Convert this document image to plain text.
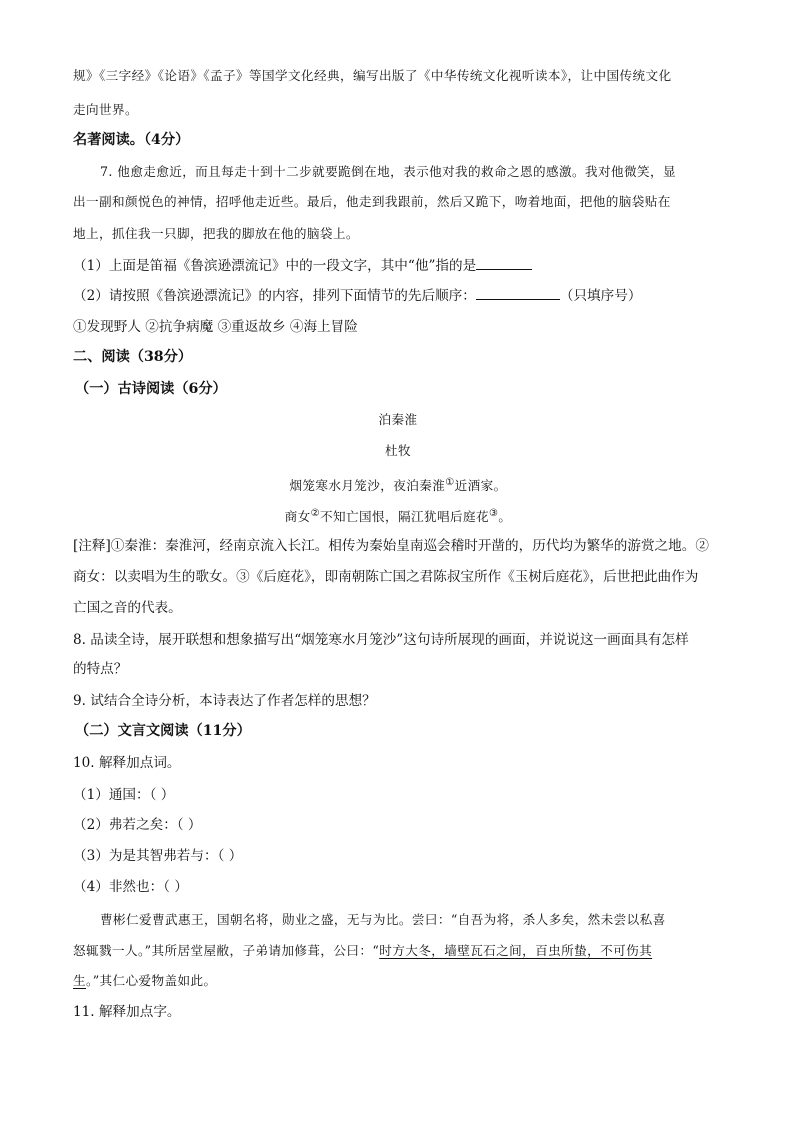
规》《三字经》《论语》《孟子》等国学文化经典，编写出版了《中华传统文化视听读本》，让中国传统文化
走向世界。
名著阅读。（4分）
7. 他愈走愈近，而且每走十到十二步就要跪倒在地，表示他对我的救命之恩的感激。我对他微笑，显
出一副和颜悦色的神情，招呼他走近些。最后，他走到我跟前，然后又跪下，吻着地面，把他的脑袋贴在
地上，抓住我一只脚，把我的脚放在他的脑袋上。
（1）上面是笛福《鲁滨逊漂流记》中的一段文字，其中“他”指的是
（2）请按照《鲁滨逊漂流记》的内容，排列下面情节的先后顺序：	（只填序号）
①发现野人 ②抗争病魔 ③重返故乡 ④海上冒险
二、阅读（38分）
（一）古诗阅读（6分）
泊秦淮
杜牧
烟笼寒水月笼沙，夜泊秦淮①近酒家。
商女②不知亡国恨，隔江犹唱后庭花③。
[注释]①秦淮：秦淮河，经南京流入长江。相传为秦始皇南巡会稽时开凿的，历代均为繁华的游赏之地。②
商女：以卖唱为生的歌女。③《后庭花》，即南朝陈亡国之君陈叔宝所作《玉树后庭花》，后世把此曲作为
亡国之音的代表。
8. 品读全诗，展开联想和想象描写出“烟笼寒水月笼沙”这句诗所展现的画面，并说说这一画面具有怎样
的特点？
9. 试结合全诗分析，本诗表达了作者怎样的思想？
（二）文言文阅读（11分）
10. 解释加点词。
（1）通国：（ ）
（2）弗若之矣：（ ）
（3）为是其智弗若与：（ ）
（4）非然也：（ ）
曹彬仁爱曹武惠王，国朝名将，勋业之盛，无与为比。尝曰：“自吾为将，杀人多矣，然未尝以私喜
怒辄戮一人。”其所居堂屋敝，子弟请加修葺，公曰：“时方大冬，墙壁瓦石之间，百虫所蛰，不可伤其
生。”其仁心爱物盖如此。
11. 解释加点字。
